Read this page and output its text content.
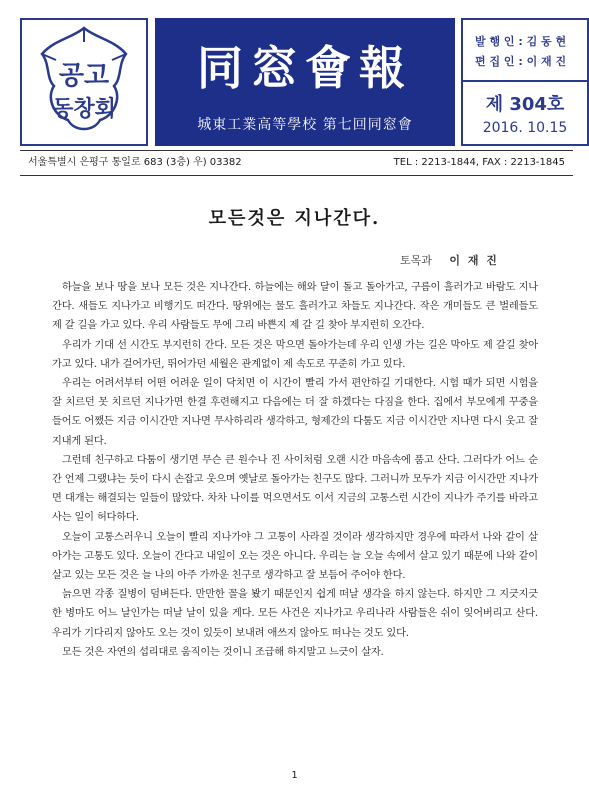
공고
동창회
同窓會報
城東工業高等學校 第七回同窓會
발 행 인 : 김 동 현
편 집 인 : 이 재 진
제 304호
2016. 10.15
서울특별시 은평구 통일로 683 (3층) 우) 03382	TEL : 2213-1844, FAX : 2213-1845
모든것은 지나간다.
토목과 이 재 진

하늘을 보나 땅을 보나 모든 것은 지나간다. 하늘에는 해와 달이 돌고 돌아가고, 구름이 흘러가고 바람도 지나간다. 새들도 지나가고 비행기도 떠간다. 땅위에는 물도 흘러가고 차들도 지나간다. 작은 개미들도 큰 벌레들도 제 갈 길을 가고 있다. 우리 사람들도 무에 그리 바쁜지 제 갈 길 찾아 부지런히 오간다.

우리가 기대 선 시간도 부지런히 간다. 모든 것은 막으면 돌아가는데 우리 인생 가는 길은 막아도 제 갈길 찾아 가고 있다. 내가 걸어가던, 뛰어가던 세월은 관계없이 제 속도로 꾸준히 가고 있다.

우리는 어려서부터 어떤 어려운 일이 닥치면 이 시간이 빨리 가서 편안하길 기대한다. 시험 때가 되면 시험을 잘 치르던 못 치르던 지나가면 한결 후련해지고 다음에는 더 잘 하겠다는 다짐을 한다. 집에서 부모에게 꾸중을 들어도 어쨌든 지금 이시간만 지나면 무사하리라 생각하고, 형제간의 다툼도 지금 이시간만 지나면 다시 웃고 잘 지내게 된다.

그런데 친구하고 다툼이 생기면 무슨 큰 원수나 진 사이처럼 오랜 시간 마음속에 품고 산다. 그러다가 어느 순간 언제 그랬냐는 듯이 다시 손잡고 웃으며 옛날로 돌아가는 친구도 많다. 그러니까 모두가 지금 이시간만 지나가면 대개는 해결되는 일들이 많았다. 차차 나이를 먹으면서도 이서 지금의 고통스런 시간이 지나가 주기를 바라고 사는 일이 허다하다.

오늘이 고통스러우니 오늘이 빨리 지나가야 그 고통이 사라질 것이라 생각하지만 경우에 따라서 나와 같이 살아가는 고통도 있다. 오늘이 간다고 내일이 오는 것은 아니다. 우리는 늘 오늘 속에서 살고 있기 때문에 나와 같이 살고 있는 모든 것은 늘 나의 아주 가까운 친구로 생각하고 잘 보듬어 주어야 한다.

늙으면 각종 질병이 덤벼든다. 만만한 꼴을 봤기 때문인지 쉽게 떠날 생각을 하지 않는다. 하지만 그 지긋지긋한 병마도 어느 날인가는 떠날 날이 있을 게다. 모든 사건은 지나가고 우리나라 사람들은 쉬이 잊어버리고 산다. 우리가 기다리지 않아도 오는 것이 있듯이 보내려 애쓰지 않아도 떠나는 것도 있다.

모든 것은 자연의 섭리대로 움직이는 것이니 조급해 하지말고 느긋이 살자.

1
